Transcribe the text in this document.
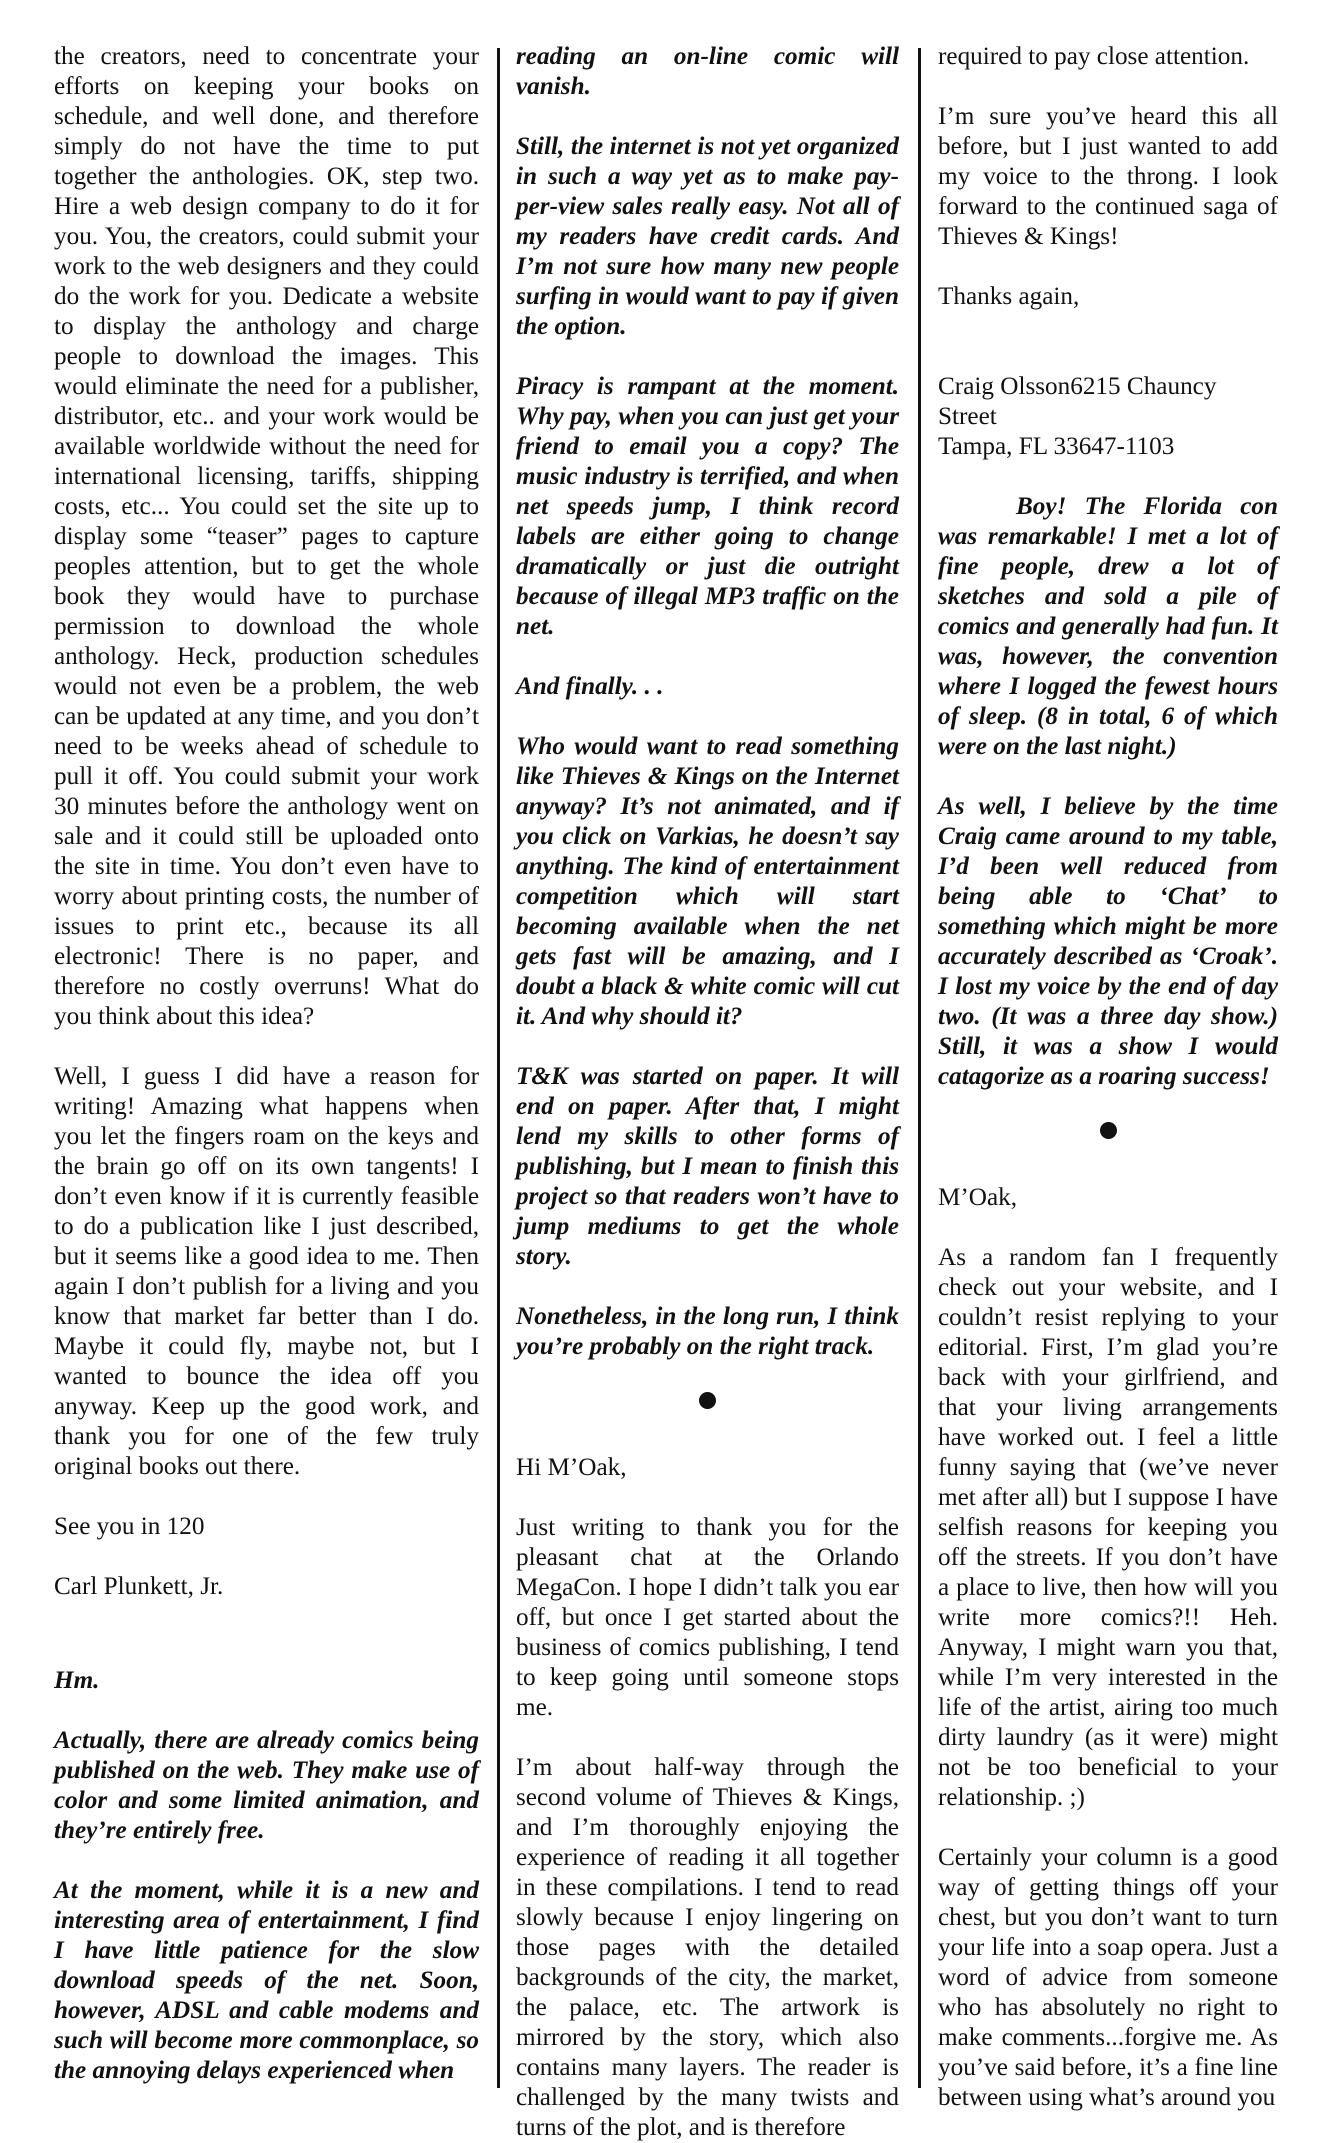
the creators, need to concentrate your efforts on keeping your books on schedule, and well done, and therefore simply do not have the time to put together the anthologies. OK, step two. Hire a web design company to do it for you. You, the creators, could submit your work to the web designers and they could do the work for you. Dedicate a website to display the anthology and charge people to download the images. This would eliminate the need for a publisher, distributor, etc.. and your work would be available worldwide without the need for international licensing, tariffs, shipping costs, etc... You could set the site up to display some “teaser” pages to capture peoples attention, but to get the whole book they would have to purchase permission to download the whole anthology. Heck, production schedules would not even be a problem, the web can be updated at any time, and you don’t need to be weeks ahead of schedule to pull it off. You could submit your work 30 minutes before the anthology went on sale and it could still be uploaded onto the site in time. You don’t even have to worry about printing costs, the number of issues to print etc., because its all electronic! There is no paper, and therefore no costly overruns! What do you think about this idea?

Well, I guess I did have a reason for writing! Amazing what happens when you let the fingers roam on the keys and the brain go off on its own tangents! I don’t even know if it is currently feasible to do a publication like I just described, but it seems like a good idea to me. Then again I don’t publish for a living and you know that market far better than I do. Maybe it could fly, maybe not, but I wanted to bounce the idea off you anyway. Keep up the good work, and thank you for one of the few truly original books out there.

See you in 120

Carl Plunkett, Jr.

Hm.

Actually, there are already comics being published on the web. They make use of color and some limited animation, and they’re entirely free.

At the moment, while it is a new and interesting area of entertainment, I find I have little patience for the slow download speeds of the net. Soon, however, ADSL and cable modems and such will become more commonplace, so the annoying delays experienced when

reading an on-line comic will vanish.

Still, the internet is not yet organized in such a way yet as to make pay-per-view sales really easy. Not all of my readers have credit cards. And I’m not sure how many new people surfing in would want to pay if given the option.

Piracy is rampant at the moment. Why pay, when you can just get your friend to email you a copy? The music industry is terrified, and when net speeds jump, I think record labels are either going to change dramatically or just die outright because of illegal MP3 traffic on the net.

And finally. . .

Who would want to read something like Thieves & Kings on the Internet anyway? It’s not animated, and if you click on Varkias, he doesn’t say anything. The kind of entertainment competition which will start becoming available when the net gets fast will be amazing, and I doubt a black & white comic will cut it. And why should it?

T&K was started on paper. It will end on paper. After that, I might lend my skills to other forms of publishing, but I mean to finish this project so that readers won’t have to jump mediums to get the whole story.

Nonetheless, in the long run, I think you’re probably on the right track.

Hi M’Oak,

Just writing to thank you for the pleasant chat at the Orlando MegaCon. I hope I didn’t talk you ear off, but once I get started about the business of comics publishing, I tend to keep going until someone stops me.

I’m about half-way through the second volume of Thieves & Kings, and I’m thoroughly enjoying the experience of reading it all together in these compilations. I tend to read slowly because I enjoy lingering on those pages with the detailed backgrounds of the city, the market, the palace, etc. The artwork is mirrored by the story, which also contains many layers. The reader is challenged by the many twists and turns of the plot, and is therefore

required to pay close attention.

I’m sure you’ve heard this all before, but I just wanted to add my voice to the throng. I look forward to the continued saga of Thieves & Kings!

Thanks again,

Craig Olsson6215 Chauncy Street
Tampa, FL 33647-1103

Boy! The Florida con was remarkable! I met a lot of fine people, drew a lot of sketches and sold a pile of comics and generally had fun. It was, however, the convention where I logged the fewest hours of sleep. (8 in total, 6 of which were on the last night.)

As well, I believe by the time Craig came around to my table, I’d been well reduced from being able to ‘Chat’ to something which might be more accurately described as ‘Croak’. I lost my voice by the end of day two. (It was a three day show.) Still, it was a show I would catagorize as a roaring success!

M’Oak,

As a random fan I frequently check out your website, and I couldn’t resist replying to your editorial. First, I’m glad you’re back with your girlfriend, and that your living arrangements have worked out. I feel a little funny saying that (we’ve never met after all) but I suppose I have selfish reasons for keeping you off the streets. If you don’t have a place to live, then how will you write more comics?!! Heh. Anyway, I might warn you that, while I’m very interested in the life of the artist, airing too much dirty laundry (as it were) might not be too beneficial to your relationship. ;)

Certainly your column is a good way of getting things off your chest, but you don’t want to turn your life into a soap opera. Just a word of advice from someone who has absolutely no right to make comments...forgive me. As you’ve said before, it’s a fine line between using what’s around you
